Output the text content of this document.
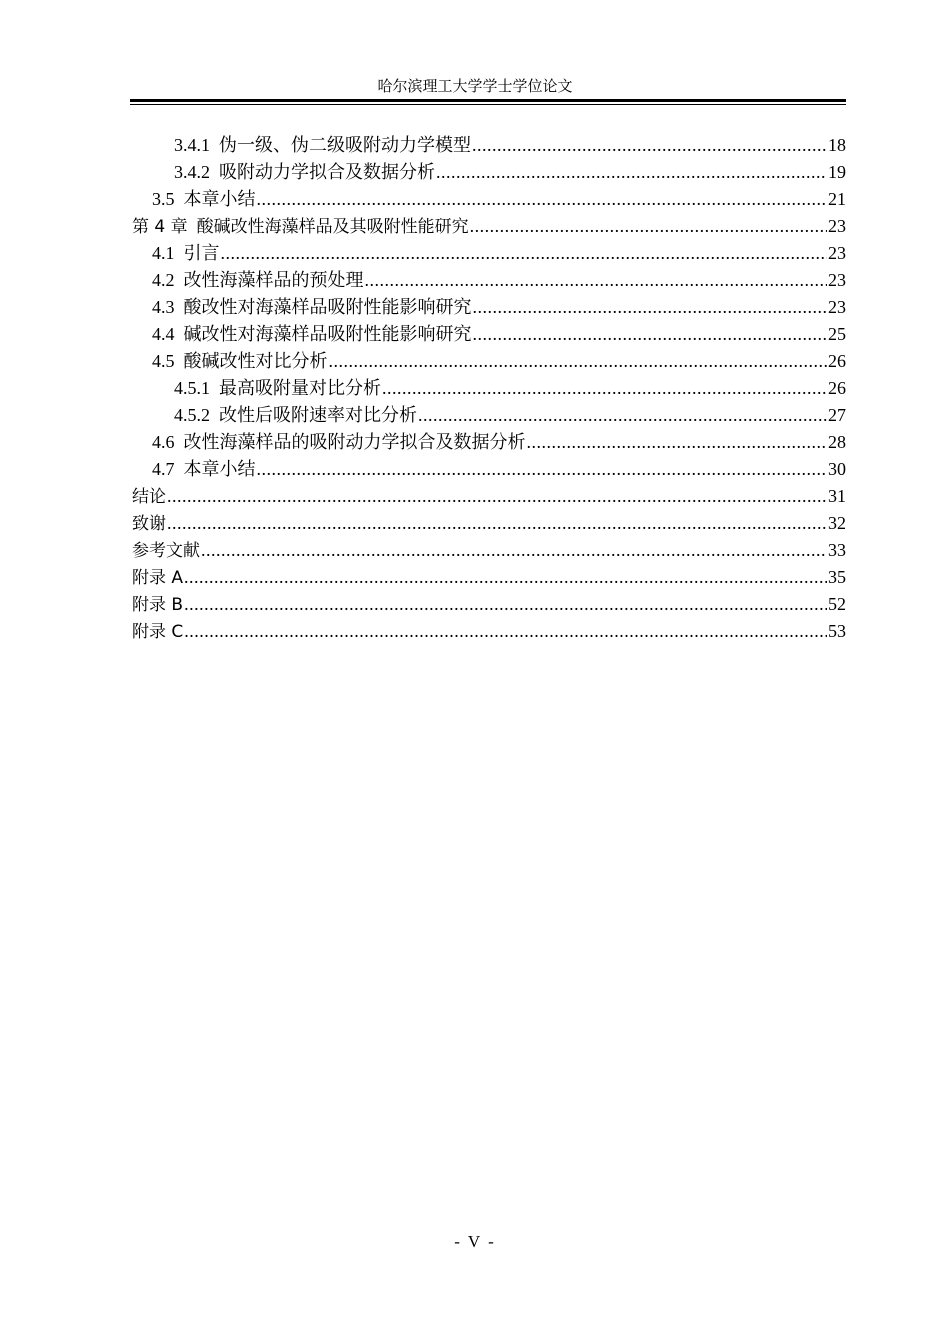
哈尔滨理工大学学士学位论文
3.4.1 伪一级、伪二级吸附动力学模型 .....	18
3.4.2 吸附动力学拟合及数据分析 .....	19
3.5 本章小结 .....	21
第 4 章 酸碱改性海藻样品及其吸附性能研究 .....	23
4.1 引言 .....	23
4.2 改性海藻样品的预处理 .....	23
4.3 酸改性对海藻样品吸附性能影响研究 .....	23
4.4 碱改性对海藻样品吸附性能影响研究 .....	25
4.5 酸碱改性对比分析 .....	26
4.5.1 最高吸附量对比分析 .....	26
4.5.2 改性后吸附速率对比分析 .....	27
4.6 改性海藻样品的吸附动力学拟合及数据分析 .....	28
4.7 本章小结 .....	30
结论 .....	31
致谢 .....	32
参考文献 .....	33
附录 A .....	35
附录 B .....	52
附录 C .....	53
- V -
